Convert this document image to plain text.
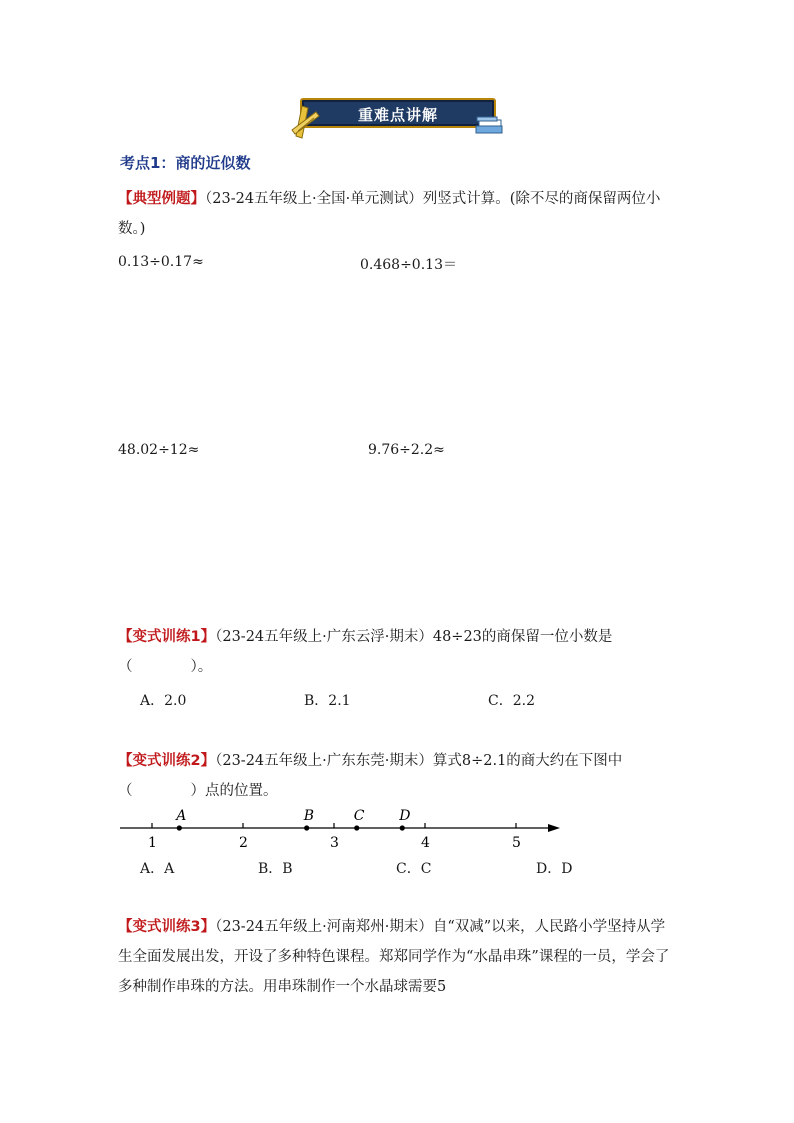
重难点讲解
考点1：商的近似数
【典型例题】（23-24五年级上·全国·单元测试）列竖式计算。(除不尽的商保留两位小数。)
0.13÷0.17≈	0.468÷0.13＝
48.02÷12≈	9.76÷2.2≈
【变式训练1】（23-24五年级上·广东云浮·期末）48÷23的商保留一位小数是（　　　　）。
A．2.0	B．2.1	C．2.2
【变式训练2】（23-24五年级上·广东东莞·期末）算式8÷2.1的商大约在下图中（　　　　）点的位置。
1	2	3	4	5
A	B	C D
A．A	B．B	C．C	D．D
【变式训练3】（23-24五年级上·河南郑州·期末）自“双减”以来，人民路小学坚持从学生全面发展出发，开设了多种特色课程。郑郑同学作为“水晶串珠”课程的一员，学会了多种制作串珠的方法。用串珠制作一个水晶球需要5
